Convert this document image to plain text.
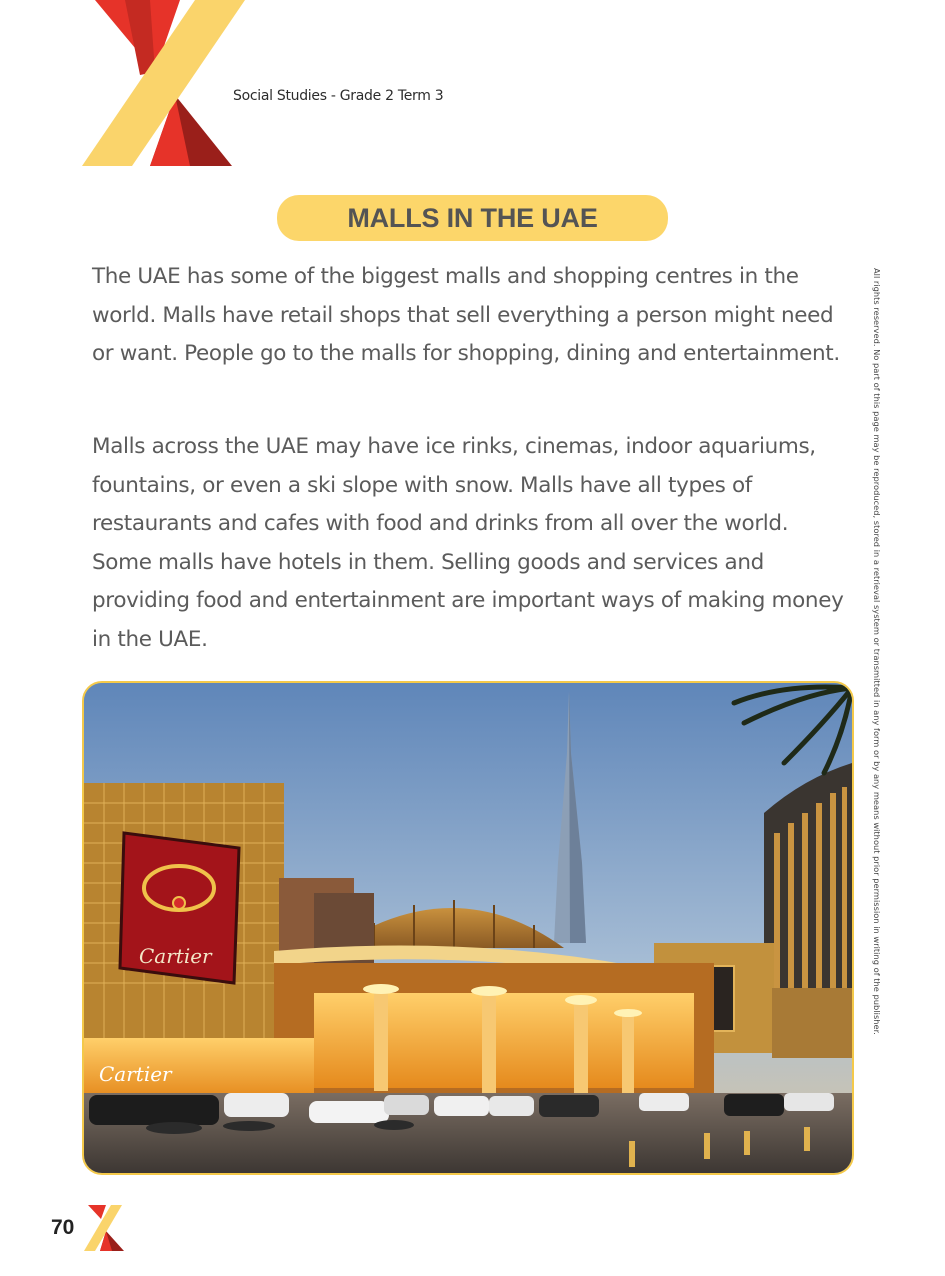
Social Studies - Grade 2 Term 3
MALLS IN THE UAE

The UAE has some of the biggest malls and shopping centres in the world. Malls have retail shops that sell everything a person might need or want. People go to the malls for shopping, dining and entertainment.

Malls across the UAE may have ice rinks, cinemas, indoor aquariums, fountains, or even a ski slope with snow. Malls have all types of restaurants and cafes with food and drinks from all over the world. Some malls have hotels in them. Selling goods and services and providing food and entertainment are important ways of making money in the UAE.	All rights reserved. No part of this page may be reproduced, stored in a retrieval system or transmitted in any form or by any means without prior permission in writing of the publisher.
Cartier
Cartier
70
